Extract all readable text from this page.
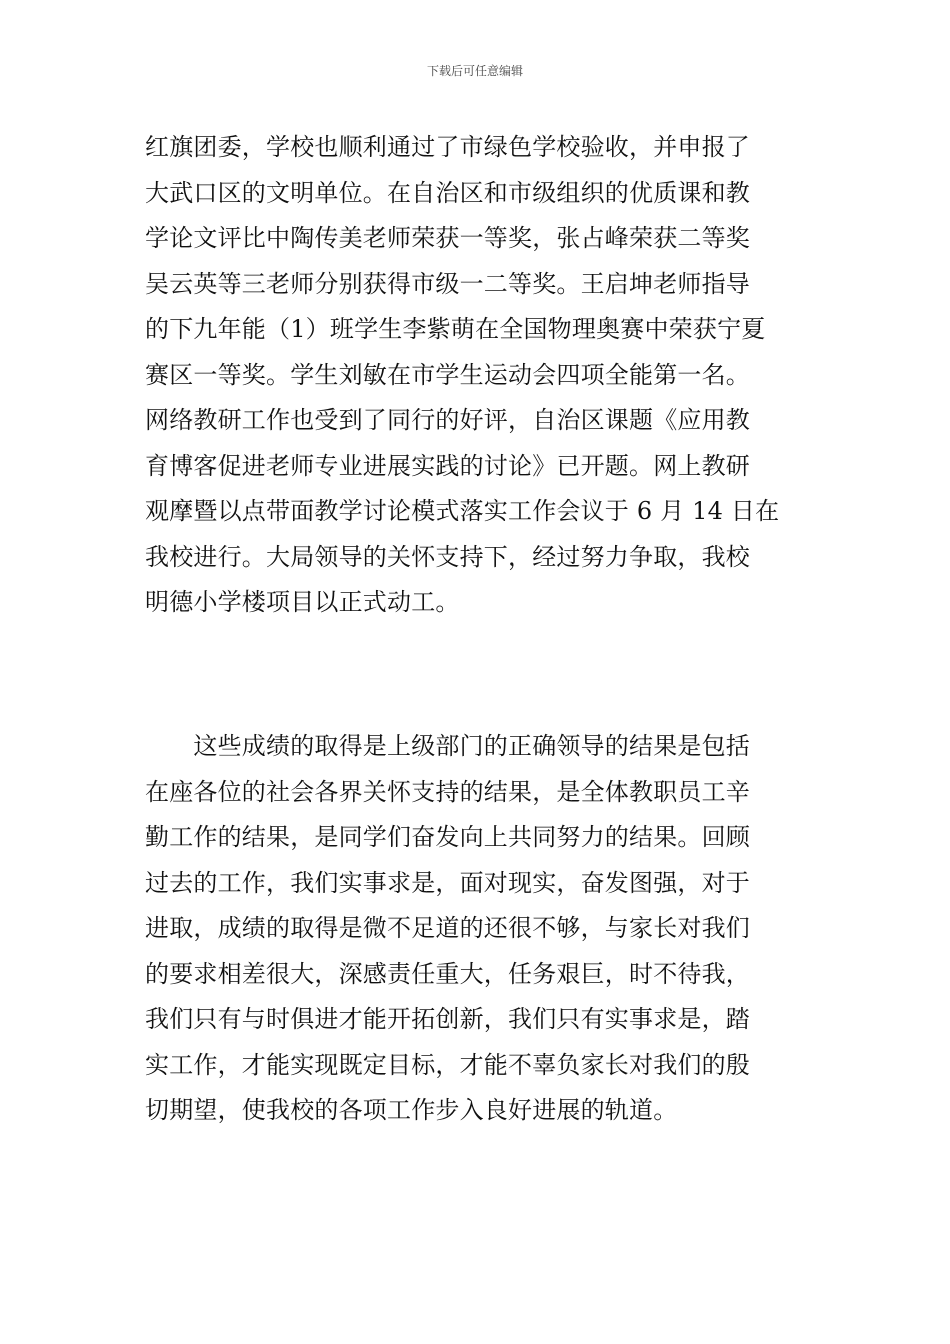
下载后可任意编辑
红旗团委，学校也顺利通过了市绿色学校验收，并申报了
大武口区的文明单位。在自治区和市级组织的优质课和教
学论文评比中陶传美老师荣获一等奖，张占峰荣获二等奖
吴云英等三老师分别获得市级一二等奖。王启坤老师指导
的下九年能（1）班学生李紫萌在全国物理奥赛中荣获宁夏
赛区一等奖。学生刘敏在市学生运动会四项全能第一名。
网络教研工作也受到了同行的好评，自治区课题《应用教
育博客促进老师专业进展实践的讨论》已开题。网上教研
观摩暨以点带面教学讨论模式落实工作会议于 6 月 14 日在
我校进行。大局领导的关怀支持下，经过努力争取，我校
明德小学楼项目以正式动工。
　　这些成绩的取得是上级部门的正确领导的结果是包括
在座各位的社会各界关怀支持的结果，是全体教职员工辛
勤工作的结果，是同学们奋发向上共同努力的结果。回顾
过去的工作，我们实事求是，面对现实，奋发图强，对于
进取，成绩的取得是微不足道的还很不够，与家长对我们
的要求相差很大，深感责任重大，任务艰巨，时不待我，
我们只有与时俱进才能开拓创新，我们只有实事求是，踏
实工作，才能实现既定目标，才能不辜负家长对我们的殷
切期望，使我校的各项工作步入良好进展的轨道。
